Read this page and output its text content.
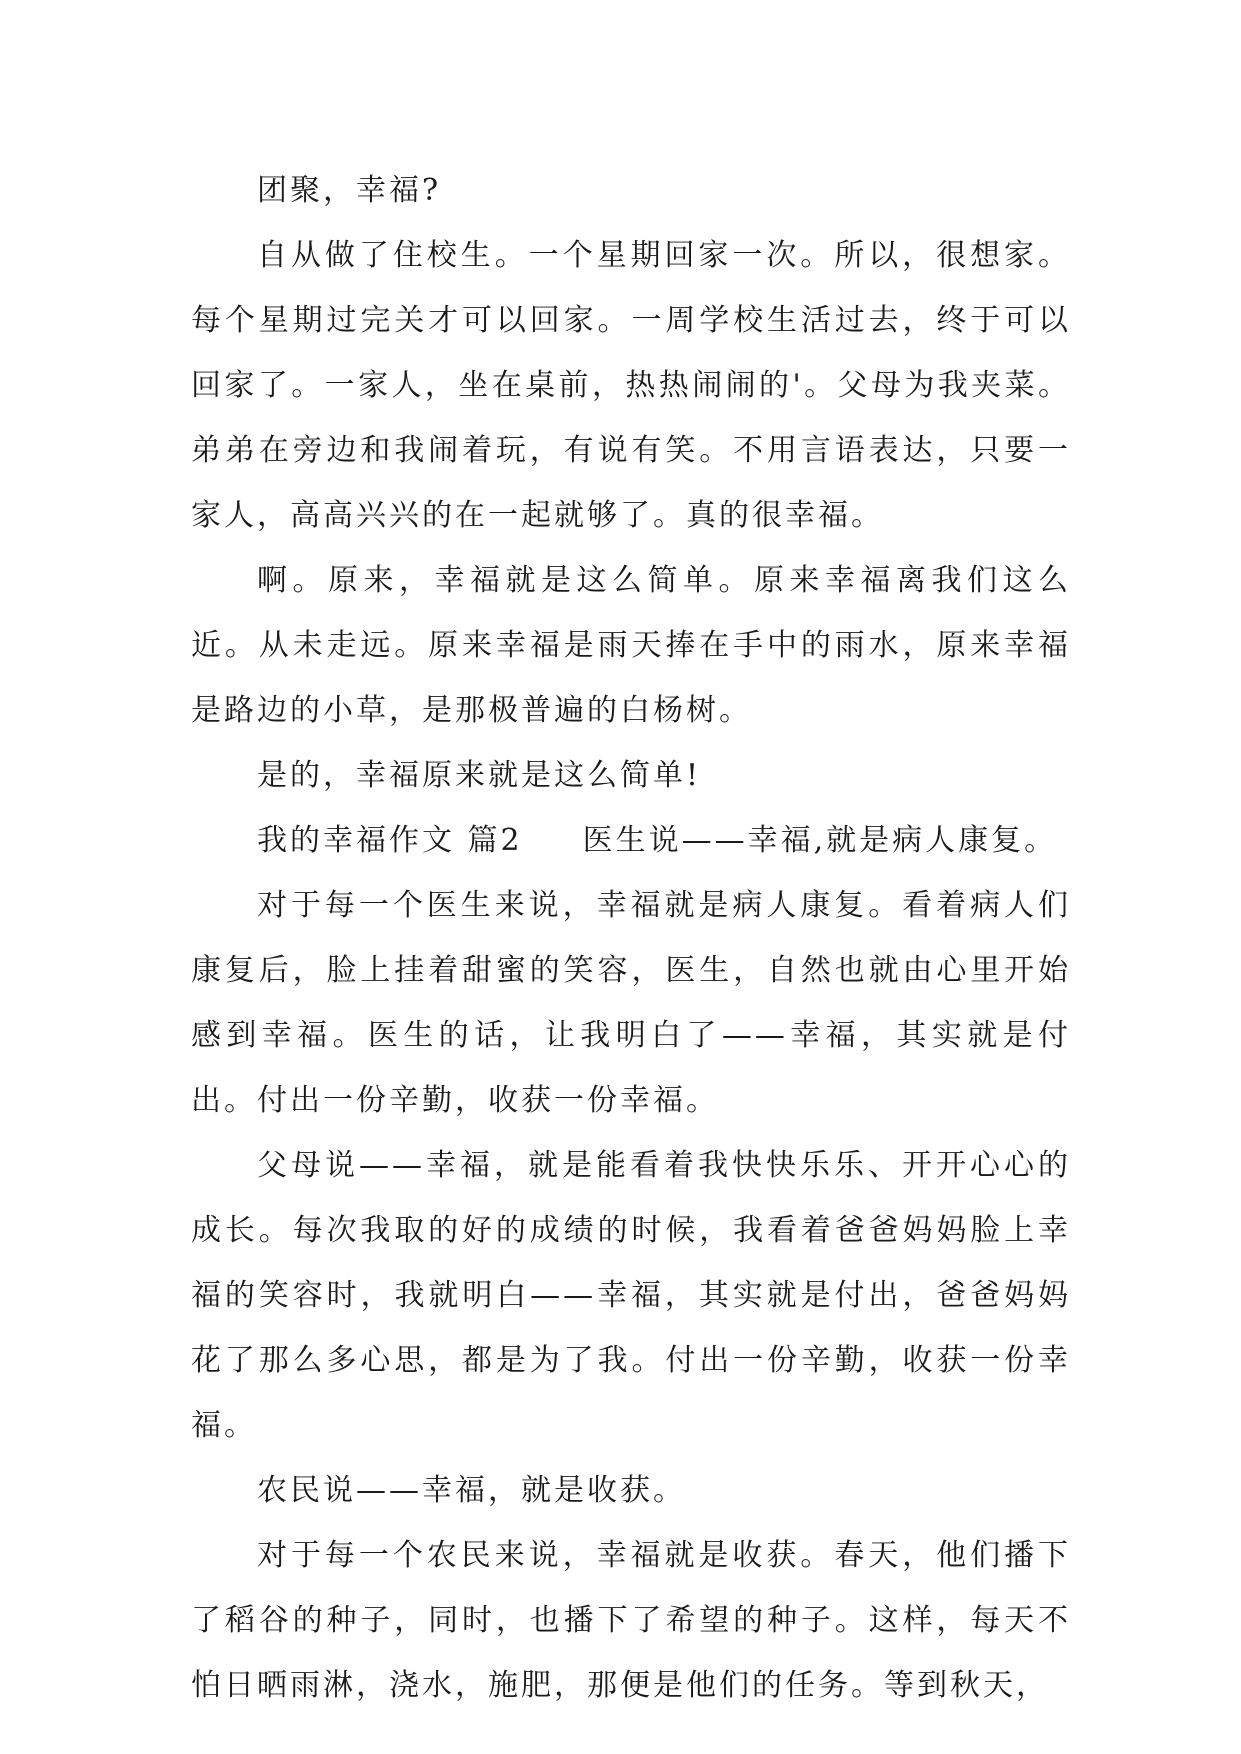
团聚，幸福?

自从做了住校生。一个星期回家一次。所以，很想家。每个星期过完关才可以回家。一周学校生活过去，终于可以回家了。一家人，坐在桌前，热热闹闹的'。父母为我夹菜。弟弟在旁边和我闹着玩，有说有笑。不用言语表达，只要一家人，高高兴兴的在一起就够了。真的很幸福。

啊。原来，幸福就是这么简单。原来幸福离我们这么近。从未走远。原来幸福是雨天捧在手中的雨水，原来幸福是路边的小草，是那极普遍的白杨树。

是的，幸福原来就是这么简单!

我的幸福作文 篇2 医生说——幸福,就是病人康复。

对于每一个医生来说，幸福就是病人康复。看着病人们康复后，脸上挂着甜蜜的笑容，医生，自然也就由心里开始感到幸福。医生的话，让我明白了——幸福，其实就是付出。付出一份辛勤，收获一份幸福。

父母说——幸福，就是能看着我快快乐乐、开开心心的成长。每次我取的好的成绩的时候，我看着爸爸妈妈脸上幸福的笑容时，我就明白——幸福，其实就是付出，爸爸妈妈花了那么多心思，都是为了我。付出一份辛勤，收获一份幸福。

农民说——幸福，就是收获。

对于每一个农民来说，幸福就是收获。春天，他们播下了稻谷的种子，同时，也播下了希望的种子。这样，每天不怕日晒雨淋，浇水，施肥，那便是他们的任务。等到秋天，
